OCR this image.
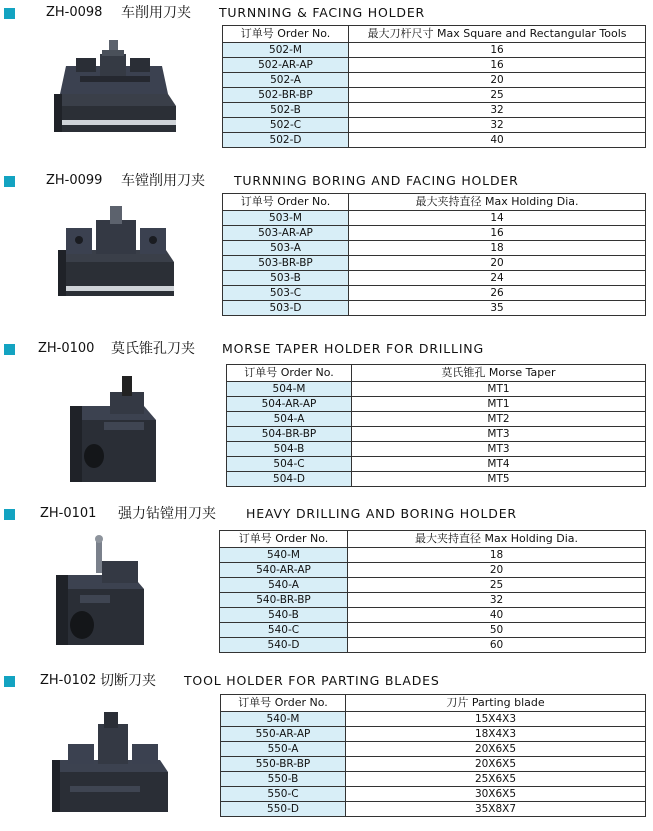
ZH-0098 车削用刀夹 TURNNING & FACING HOLDER
订单号 Order No.	最大刀杆尺寸 Max Square and Rectangular Tools
502-M	16
502-AR-AP	16
502-A	20
502-BR-BP	25
502-B	32
502-C	32
502-D	40
ZH-0099 车镗削用刀夹 TURNNING BORING AND FACING HOLDER
订单号 Order No.	最大夹持直径 Max Holding Dia.
503-M	14
503-AR-AP	16
503-A	18
503-BR-BP	20
503-B	24
503-C	26
503-D	35
ZH-0100 莫氏锥孔刀夹 MORSE TAPER HOLDER FOR DRILLING
订单号 Order No.	莫氏锥孔 Morse Taper
504-M	MT1
504-AR-AP	MT1
504-A	MT2
504-BR-BP	MT3
504-B	MT3
504-C	MT4
504-D	MT5
ZH-0101 强力钻镗用刀夹 HEAVY DRILLING AND BORING HOLDER
订单号 Order No.	最大夹持直径 Max Holding Dia.
540-M	18
540-AR-AP	20
540-A	25
540-BR-BP	32
540-B	40
540-C	50
540-D	60
ZH-0102 切断刀夹 TOOL HOLDER FOR PARTING BLADES
订单号 Order No.	刀片 Parting blade
540-M	15X4X3
550-AR-AP	18X4X3
550-A	20X6X5
550-BR-BP	20X6X5
550-B	25X6X5
550-C	30X6X5
550-D	35X8X7
